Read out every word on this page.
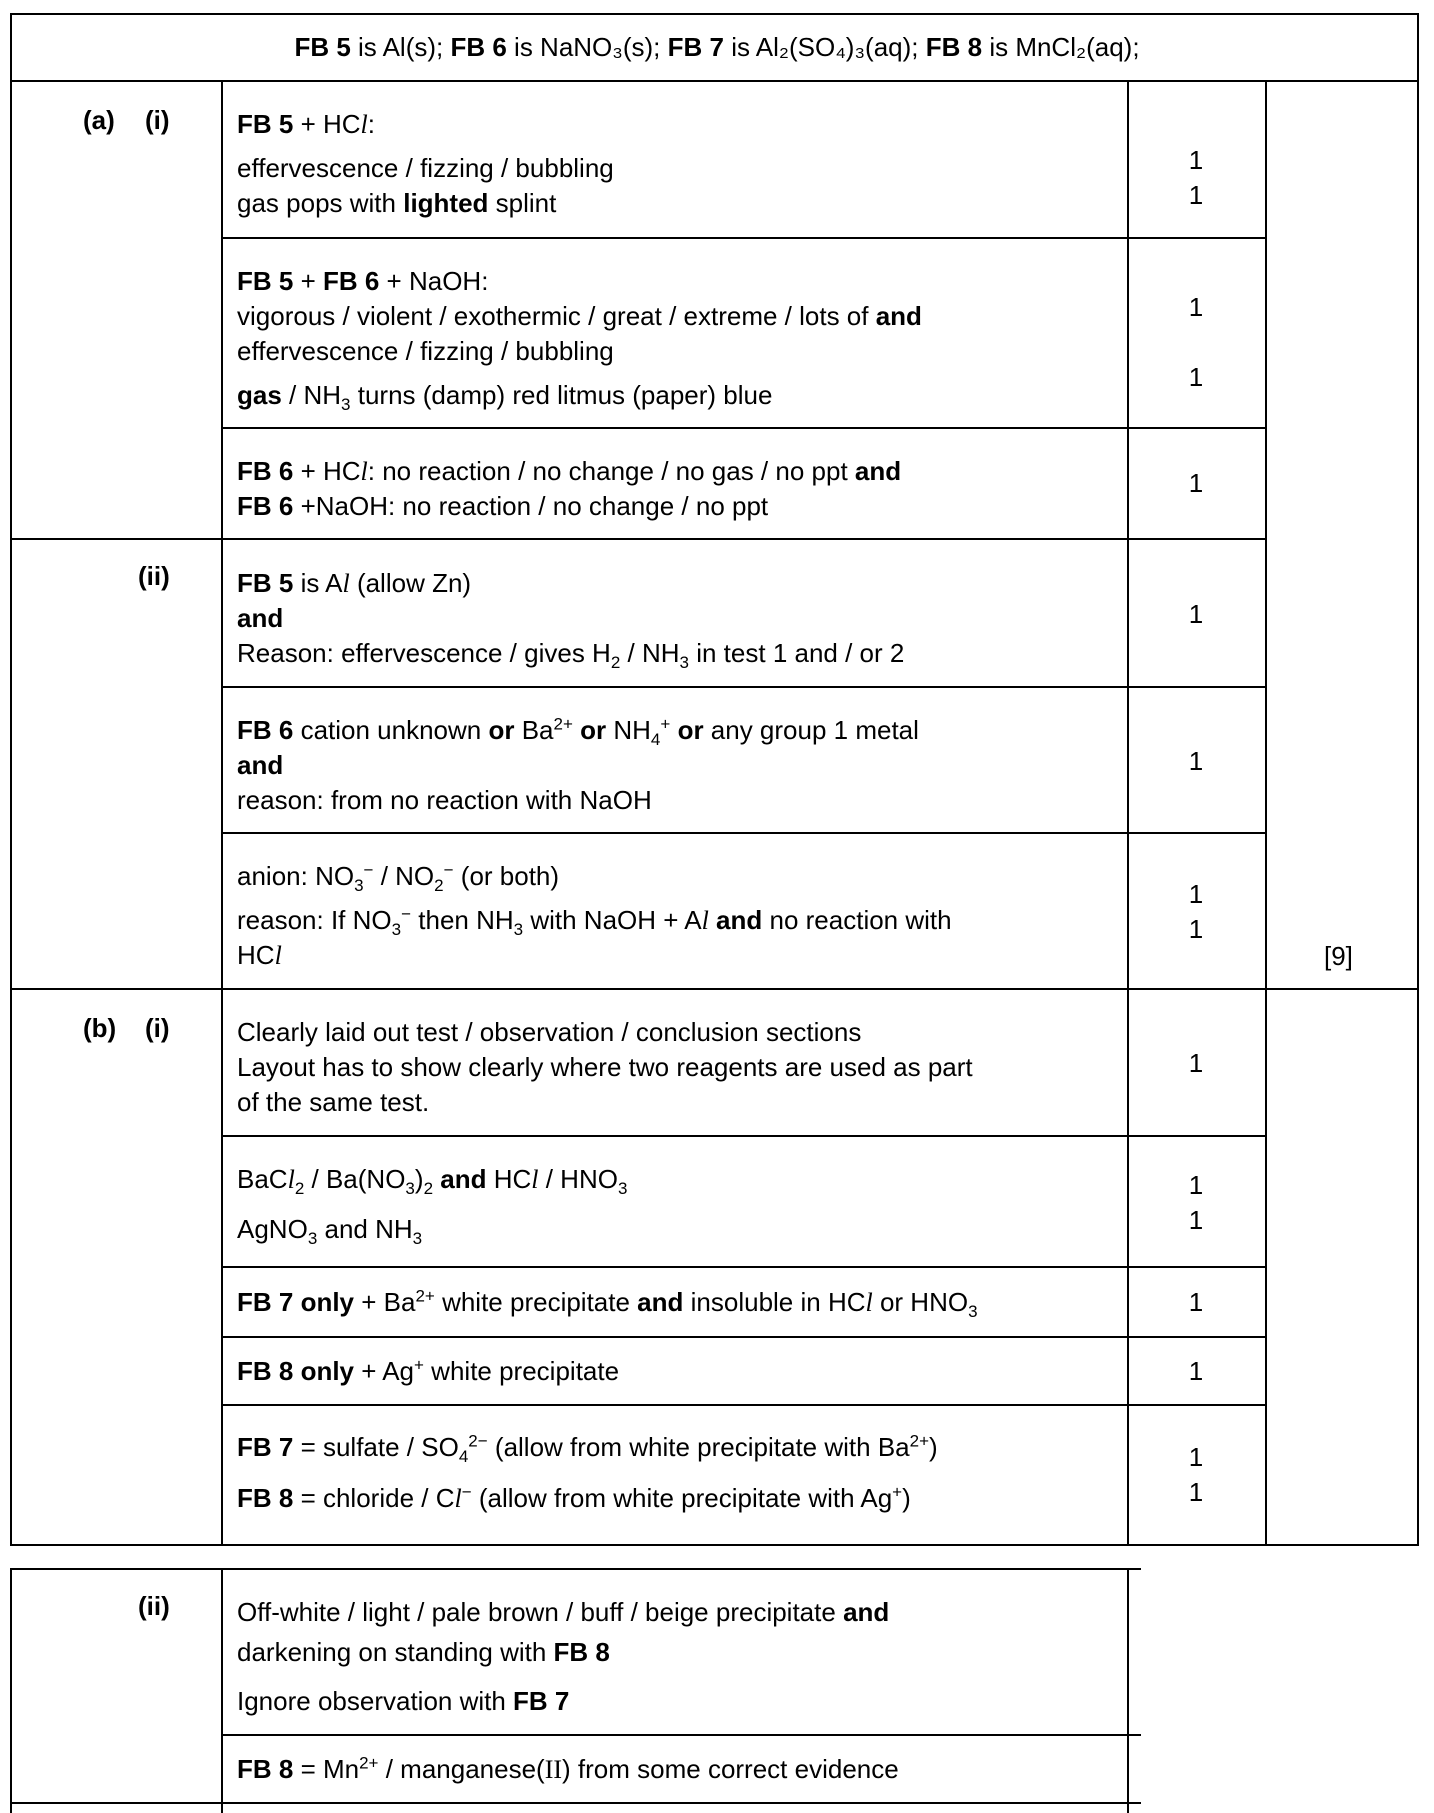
FB 5 is Al(s); FB 6 is NaNO₃(s); FB 7 is Al₂(SO₄)₃(aq); FB 8 is MnCl₂(aq);
(a) (i)
(ii)
(b) (i)
(ii)
FB 5 + HCl:
effervescence / fizzing / bubbling
gas pops with lighted splint
1
1
FB 5 + FB 6 + NaOH:
vigorous / violent / exothermic / great / extreme / lots of and
effervescence / fizzing / bubbling
gas / $NH_3$ turns (damp) red litmus (paper) blue
1
1
FB 6 + HCl: no reaction / no change / no gas / no ppt and
FB 6 +NaOH: no reaction / no change / no ppt
1
FB 5 is Al (allow Zn)
and
Reason: effervescence / gives $H_2 / NH_3$ in test 1 and / or 2
1
FB 6 cation unknown or $Ba^{2+}$ or $NH_4^+$ or any group 1 metal
and
reason: from no reaction with NaOH
1
anion: $NO_3^- / NO_2^-$ (or both)
reason: If $NO_3^-$ then $NH_3$ with NaOH + Al and no reaction with
HCl
1
1
[9]
Clearly laid out test / observation / conclusion sections
Layout has to show clearly where two reagents are used as part
of the same test.
1
BaCl$_2$ / $Ba(NO_3)_2$ and HCl / $HNO_3$
AgNO$_3$ and $NH_3$
1
1
FB 7 only + $Ba^{2+}$ white precipitate and insoluble in HCl or $HNO_3$	1
FB 8 only + Ag+ white precipitate	1
FB 7 = sulfate / $SO_4^{2-}$ (allow from white precipitate with $Ba^{2+}$)
FB 8 = chloride / Cl− (allow from white precipitate with Ag+)
1
1
Off-white / light / pale brown / buff / beige precipitate and
darkening on standing with FB 8
Ignore observation with FB 7
FB $8 = Mn^{2+}$ / manganese(II) from some correct evidence
